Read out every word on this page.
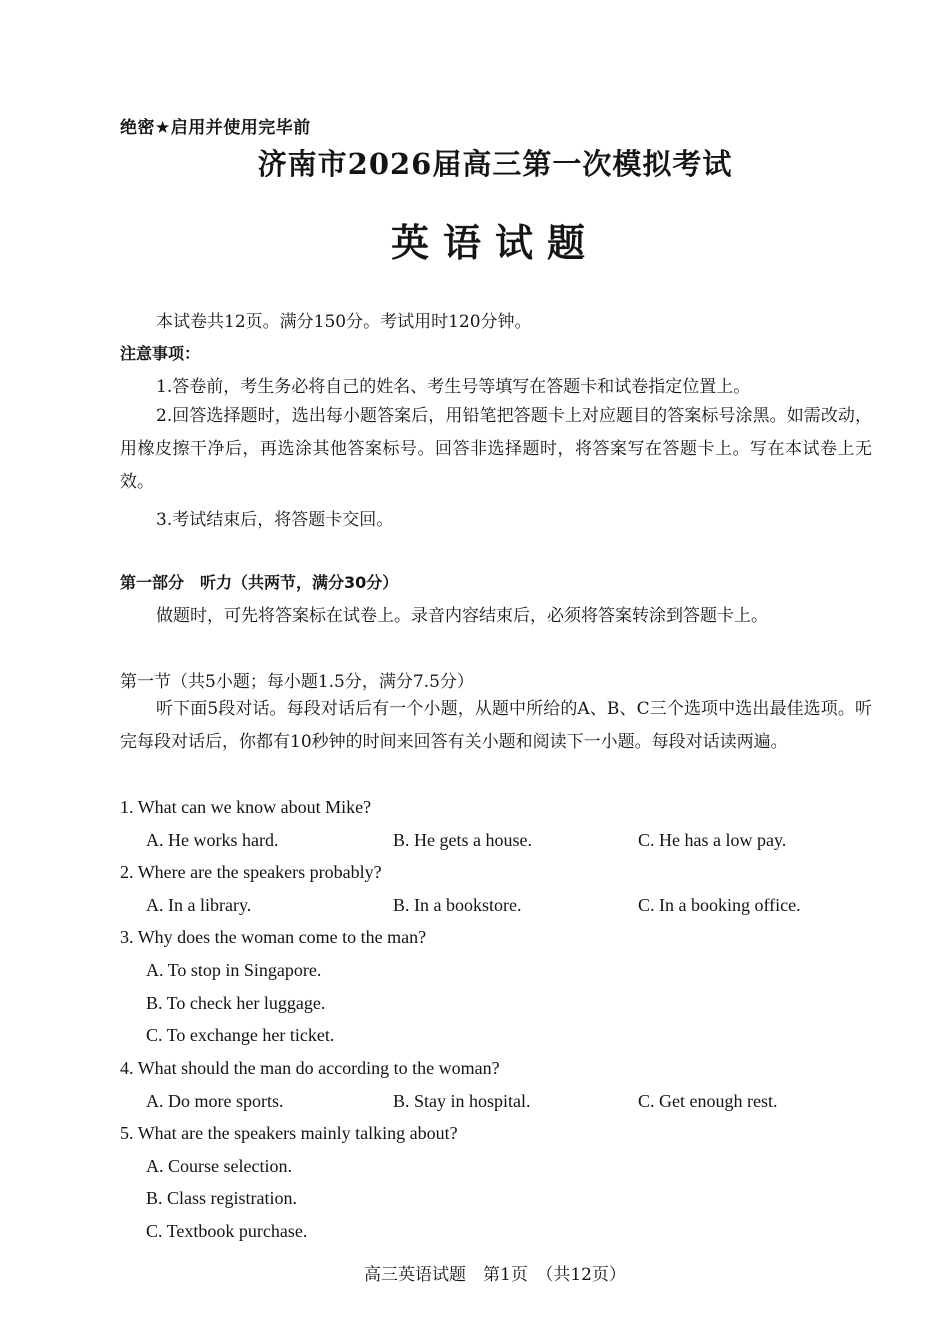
绝密★启用并使用完毕前
济南市2026届高三第一次模拟考试
英语试题
本试卷共12页。满分150分。考试用时120分钟。
注意事项：
1.答卷前，考生务必将自己的姓名、考生号等填写在答题卡和试卷指定位置上。
2.回答选择题时，选出每小题答案后，用铅笔把答题卡上对应题目的答案标号涂黑。如需改动，用橡皮擦干净后，再选涂其他答案标号。回答非选择题时，将答案写在答题卡上。写在本试卷上无效。
3.考试结束后，将答题卡交回。
第一部分　听力（共两节，满分30分）
做题时，可先将答案标在试卷上。录音内容结束后，必须将答案转涂到答题卡上。
第一节（共5小题；每小题1.5分，满分7.5分）
听下面5段对话。每段对话后有一个小题，从题中所给的A、B、C三个选项中选出最佳选项。听完每段对话后，你都有10秒钟的时间来回答有关小题和阅读下一小题。每段对话读两遍。
1. What can we know about Mike?
A. He works hard.	B. He gets a house.	C. He has a low pay.
2. Where are the speakers probably?
A. In a library.	B. In a bookstore.	C. In a booking office.
3. Why does the woman come to the man?
A. To stop in Singapore.
B. To check her luggage.
C. To exchange her ticket.
4. What should the man do according to the woman?
A. Do more sports.	B. Stay in hospital.	C. Get enough rest.
5. What are the speakers mainly talking about?
A. Course selection.
B. Class registration.
C. Textbook purchase.
高三英语试题　第1页　（共12页）
